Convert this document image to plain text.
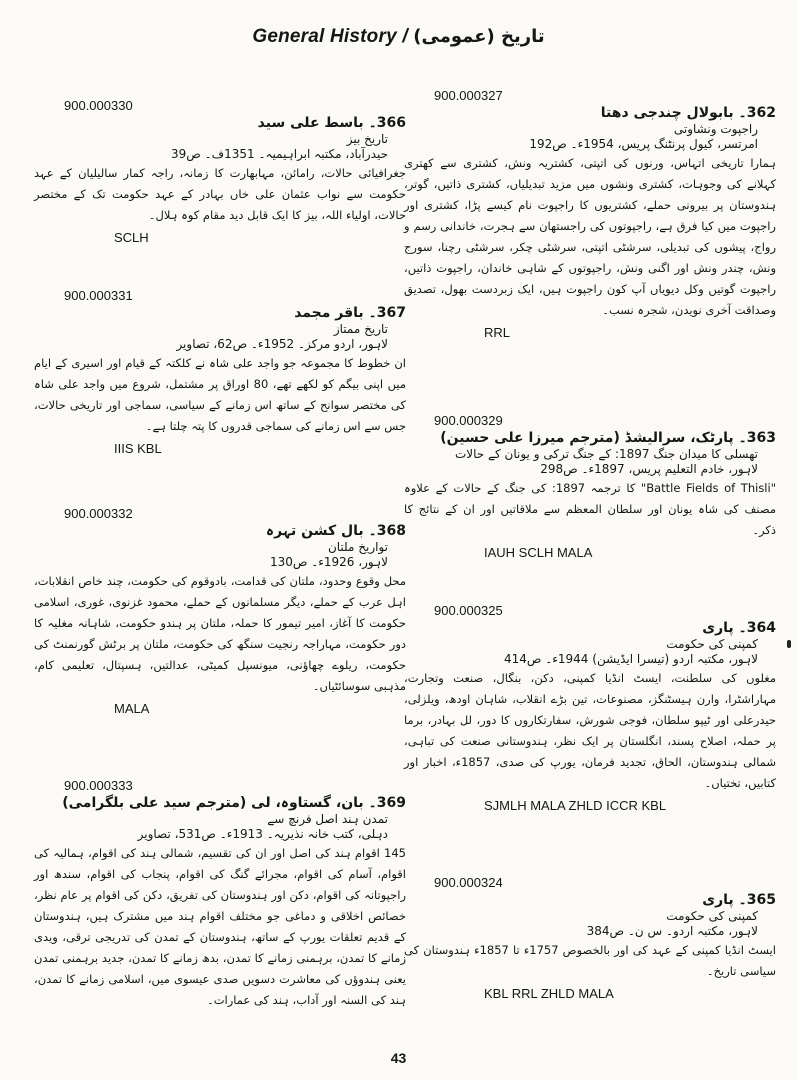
General History / تاریخ (عمومی)
900.000327
362۔ بابولال چندجی دھتا
راجپوت ونشاوتی
امرتسر، کیول پرنٹنگ پریس، 1954ء۔ ص192
ہمارا تاریخی اتہاس، ورنوں کی اتپتی، کشتریہ ونش، کشتری سے کھتری کہلانے کی وجوہات، کشتری ونشوں میں مزید تبدیلیاں، کشتری ذاتیں، گوتر، ہندوستان پر بیرونی حملے، کشتریوں کا راجپوت نام کیسے پڑا، کشتری اور راجپوت میں کیا فرق ہے، راجپوتوں کی راجستھان سے ہجرت، خاندانی رسم و رواج، پیشوں کی تبدیلی، سرشٹی اتپتی، سرشٹی چکر، سرشٹی رچنا، سورج ونش، چندر ونش اور اگنی ونش، راجپوتوں کے شاہی خاندان، راجپوت ذاتیں، راجپوت گوتیں وکل دیویاں آپ کون راجپوت ہیں، ایک زبردست بھول، تصدیق وصداقت آخری نویدن، شجرہ نسب۔
RRL
900.000329
363۔ پارٹک، سرالیشڈ (مترجم میرزا علی حسین)
تھسلی کا میدان جنگ 1897: کے جنگ ترکی و یونان کے حالات
لاہور، خادم التعلیم پریس، 1897ء۔ ص298
"Battle Fields of Thisli" کا ترجمہ 1897: کی جنگ کے حالات کے علاوہ مصنف کی شاہ یونان اور سلطان المعظم سے ملاقاتیں اور ان کے نتائج کا ذکر۔
IAUH SCLH MALA
900.000325
364۔ پاری
کمپنی کی حکومت
لاہور، مکتبہ اردو (تیسرا ایڈیشن) 1944ء۔ ص414
مغلوں کی سلطنت، ایسٹ انڈیا کمپنی، دکن، بنگال، صنعت وتجارت، مہاراشٹرا، وارن ہیسٹنگز، مصنوعات، تین بڑے انقلاب، شاہان اودھ، ویلزلی، حیدرعلی اور ٹیپو سلطان، فوجی شورش، سفارتکاروں کا دور، لل بہادر، برما پر حملہ، اصلاح پسند، انگلستان پر ایک نظر، ہندوستانی صنعت کی تباہی، شمالی ہندوستان، الحاق، تجدید فرمان، یورپ کی صدی، 1857ء، اخبار اور کتابیں، تختیاں۔
SJMLH MALA ZHLD ICCR KBL
900.000324
365۔ پاری
کمپنی کی حکومت
لاہور، مکتبہ اردو۔ س ن۔ ص384
ایسٹ انڈیا کمپنی کے عہد کی اور بالخصوص 1757ء تا 1857ء ہندوستان کی سیاسی تاریخ۔
KBL RRL ZHLD MALA
900.000330
366۔ باسط علی سید
تاریخ بیز
حیدرآباد، مکتبہ ابراہیمیہ۔ 1351ف۔ ص39
جغرافیائی حالات، رامائن، مہابھارت کا زمانہ، راجہ کمار سالیلیان کے عہد حکومت سے نواب عثمان علی خاں بہادر کے عہد حکومت تک کے مختصر حالات، اولیاء اللہ، بیز کا ایک قابل دید مقام کوہ ہلال۔
SCLH
900.000331
367۔ باقر مجمد
تاریخ ممتاز
لاہور، اردو مرکز۔ 1952ء۔ ص62، تصاویر
ان خطوط کا مجموعہ جو واجد علی شاہ نے کلکتہ کے قیام اور اسیری کے ایام میں اپنی بیگم کو لکھے تھے، 80 اوراق پر مشتمل، شروع میں واجد علی شاہ کی مختصر سوانح کے ساتھ اس زمانے کے سیاسی، سماجی اور تاریخی حالات، جس سے اس زمانے کی سماجی قدروں کا پتہ چلتا ہے۔
IIIS KBL
900.000332
368۔ بال کشن تہرہ
تواریخ ملتان
لاہور، 1926ء۔ ص130
محل وقوع وحدود، ملتان کی قدامت، بادوقوم کی حکومت، چند خاص انقلابات، اہل عرب کے حملے، دیگر مسلمانوں کے حملے، محمود غزنوی، غوری، اسلامی حکومت کا آغاز، امیر تیمور کا حملہ، ملتان پر ہندو حکومت، شاہانہ مغلیہ کا دور حکومت، مہاراجہ رنجیت سنگھ کی حکومت، ملتان پر برٹش گورنمنٹ کی حکومت، ریلوے چھاؤنی، میونسپل کمیٹی، عدالتیں، ہسپتال، تعلیمی کام، مذہبی سوسائٹیاں۔
MALA
900.000333
369۔ بان، گستاوہ، لی (مترجم سید علی بلگرامی)
تمدن ہند اصل فرنچ سے
دہلی، کتب خانہ نذیریہ۔ 1913ء۔ ص531، تصاویر
145 اقوام ہند کی اصل اور ان کی تقسیم، شمالی ہند کی اقوام، ہمالیہ کی اقوام، آسام کی اقوام، مجرائے گنگ کی اقوام، پنجاب کی اقوام، سندھ اور راجپوتانہ کی اقوام، دکن اور ہندوستان کی تفریق، دکن کی اقوام پر عام نظر، خصائص اخلاقی و دماغی جو مختلف اقوام ہند میں مشترک ہیں، ہندوستان کے قدیم تعلقات یورپ کے ساتھ، ہندوستان کے تمدن کی تدریجی ترقی، ویدی زمانے کا تمدن، برہمنی زمانے کا تمدن، بدھ زمانے کا تمدن، جدید برہمنی تمدن یعنی ہندوؤں کی معاشرت دسویں صدی عیسوی میں، اسلامی زمانے کا تمدن، ہند کی السنہ اور آداب، ہند کی عمارات۔
43
